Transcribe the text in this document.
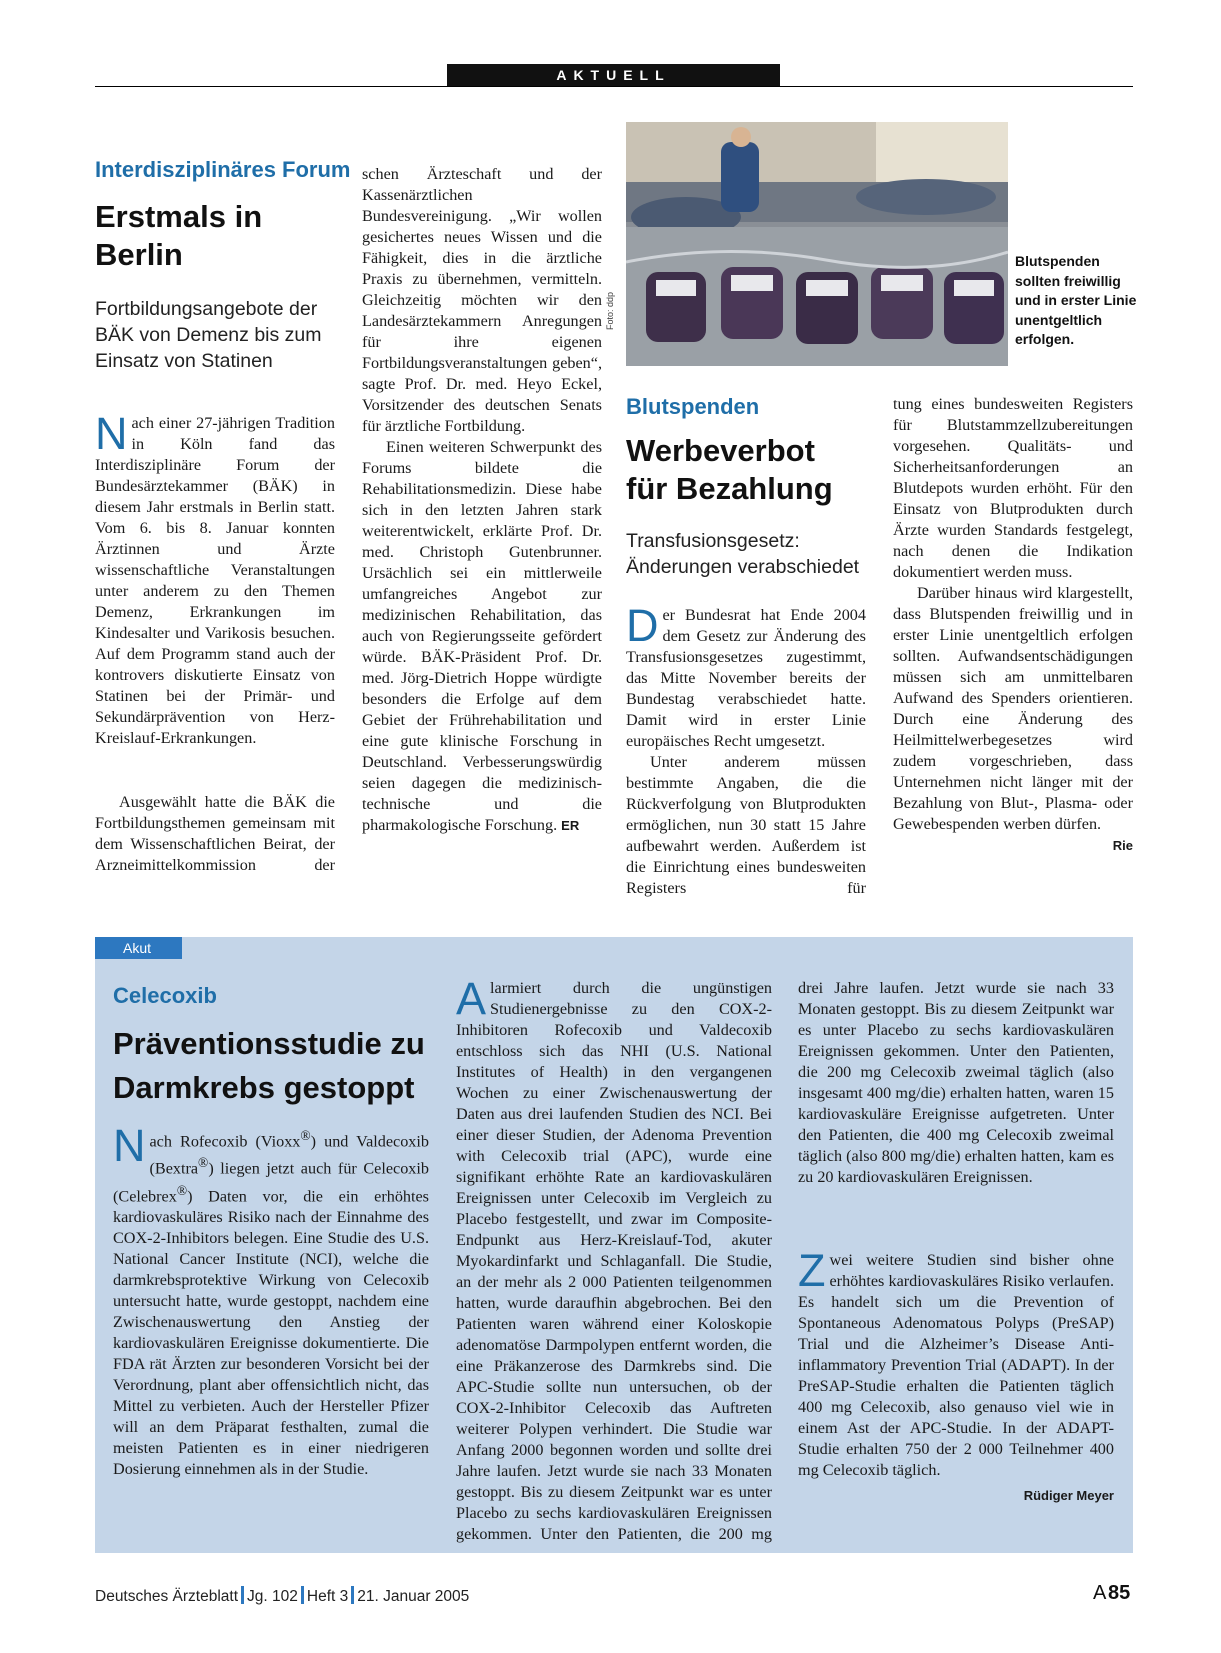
AKTUELL
Interdisziplinäres Forum
Erstmals in
Berlin
Fortbildungsangebote der BÄK von Demenz bis zum Einsatz von Statinen

Nach einer 27-jährigen Tradition in Köln fand das Interdisziplinäre Forum der Bundesärztekammer (BÄK) in diesem Jahr erstmals in Berlin statt. Vom 6. bis 8. Januar konnten Ärztinnen und Ärzte wissenschaftliche Veranstaltungen unter anderem zu den Themen Demenz, Erkrankungen im Kindesalter und Varikosis besuchen. Auf dem Programm stand auch der kontrovers diskutierte Einsatz von Statinen bei der Primär- und Sekundärprävention von Herz-Kreislauf-Erkrankungen.

Ausgewählt hatte die BÄK die Fortbildungsthemen gemeinsam mit dem Wissenschaftlichen Beirat, der Arzneimittelkommission der

schen Ärzteschaft und der Kassenärztlichen Bundesvereinigung. „Wir wollen gesichertes neues Wissen und die Fähigkeit, dies in die ärztliche Praxis zu übernehmen, vermitteln. Gleichzeitig möchten wir den Landesärztekammern Anregungen für ihre eigenen Fortbildungsveranstaltungen geben“, sagte Prof. Dr. med. Heyo Eckel, Vorsitzender des deutschen Senats für ärztliche Fortbildung.

Einen weiteren Schwerpunkt des Forums bildete die Rehabilitationsmedizin. Diese habe sich in den letzten Jahren stark weiterentwickelt, erklärte Prof. Dr. med. Christoph Gutenbrunner. Ursächlich sei ein mittlerweile umfangreiches Angebot zur medizinischen Rehabilitation, das auch von Regierungsseite gefördert würde. BÄK-Präsident Prof. Dr. med. Jörg-Dietrich Hoppe würdigte besonders die Erfolge auf dem Gebiet der Frührehabilitation und eine gute klinische Forschung in Deutschland. Verbesserungswürdig seien dagegen die medizinisch-technische und die pharmakologische Forschung. ER

Foto: ddp
Blutspenden sollten freiwillig und in erster Linie unentgeltlich erfolgen.
Blutspenden
Werbeverbot
für Bezahlung
Transfusionsgesetz: Änderungen verabschiedet

Der Bundesrat hat Ende 2004 dem Gesetz zur Änderung des Transfusionsgesetzes zugestimmt, das Mitte November bereits der Bundestag verabschiedet hatte. Damit wird in erster Linie europäisches Recht umgesetzt.

Unter anderem müssen bestimmte Angaben, die die Rückverfolgung von Blutprodukten ermöglichen, nun 30 statt 15 Jahre aufbewahrt werden. Außerdem ist die Einrichtung eines bundesweiten Registers für

tung eines bundesweiten Registers für Blutstammzellzubereitungen vorgesehen. Qualitäts- und Sicherheitsanforderungen an Blutdepots wurden erhöht. Für den Einsatz von Blutprodukten durch Ärzte wurden Standards festgelegt, nach denen die Indikation dokumentiert werden muss.

Darüber hinaus wird klargestellt, dass Blutspenden freiwillig und in erster Linie unentgeltlich erfolgen sollten. Aufwandsentschädigungen müssen sich am unmittelbaren Aufwand des Spenders orientieren. Durch eine Änderung des Heilmittelwerbegesetzes wird zudem vorgeschrieben, dass Unternehmen nicht länger mit der Bezahlung von Blut-, Plasma- oder Gewebespenden werben dürfen.
Rie

Akut
Celecoxib
Präventionsstudie zu
Darmkrebs gestoppt

Nach Rofecoxib (Vioxx®) und Valdecoxib (Bextra®) liegen jetzt auch für Celecoxib (Celebrex®) Daten vor, die ein erhöhtes kardiovaskuläres Risiko nach der Einnahme des COX-2-Inhibitors belegen. Eine Studie des U.S. National Cancer Institute (NCI), welche die darmkrebsprotektive Wirkung von Celecoxib untersucht hatte, wurde gestoppt, nachdem eine Zwischenauswertung den Anstieg der kardiovaskulären Ereignisse dokumentierte. Die FDA rät Ärzten zur besonderen Vorsicht bei der Verordnung, plant aber offensichtlich nicht, das Mittel zu verbieten. Auch der Hersteller Pfizer will an dem Präparat festhalten, zumal die meisten Patienten es in einer niedrigeren Dosierung einnehmen als in der Studie.

Alarmiert durch die ungünstigen Studienergebnisse zu den COX-2-Inhibitoren Rofecoxib und Valdecoxib entschloss sich das NHI (U.S. National Institutes of Health) in den vergangenen Wochen zu einer Zwischenauswertung der Daten aus drei laufenden Studien des NCI. Bei einer dieser Studien, der Adenoma Prevention with Celecoxib trial (APC), wurde eine signifikant erhöhte Rate an kardiovaskulären Ereignissen unter Celecoxib im Vergleich zu Placebo festgestellt, und zwar im Composite-Endpunkt aus Herz-Kreislauf-Tod, akuter Myokardinfarkt und Schlaganfall. Die Studie, an der mehr als 2 000 Patienten teilgenommen hatten, wurde daraufhin abgebrochen. Bei den Patienten waren während einer Koloskopie adenomatöse Darmpolypen entfernt worden, die eine Präkanzerose des Darmkrebs sind. Die APC-Studie sollte nun untersuchen, ob der COX-2-Inhibitor Celecoxib das Auftreten weiterer Polypen verhindert. Die Studie war Anfang 2000 begonnen worden und sollte drei Jahre laufen. Jetzt wurde sie nach 33 Monaten gestoppt. Bis zu diesem Zeitpunkt war es unter Placebo zu sechs kardiovaskulären Ereignissen gekommen. Unter den Patienten, die 200 mg

drei Jahre laufen. Jetzt wurde sie nach 33 Monaten gestoppt. Bis zu diesem Zeitpunkt war es unter Placebo zu sechs kardiovaskulären Ereignissen gekommen. Unter den Patienten, die 200 mg Celecoxib zweimal täglich (also insgesamt 400 mg/die) erhalten hatten, waren 15 kardiovaskuläre Ereignisse aufgetreten. Unter den Patienten, die 400 mg Celecoxib zweimal täglich (also 800 mg/die) erhalten hatten, kam es zu 20 kardiovaskulären Ereignissen.

Zwei weitere Studien sind bisher ohne erhöhtes kardiovaskuläres Risiko verlaufen. Es handelt sich um die Prevention of Spontaneous Adenomatous Polyps (PreSAP) Trial und die Alzheimer’s Disease Anti-inflammatory Prevention Trial (ADAPT). In der PreSAP-Studie erhalten die Patienten täglich 400 mg Celecoxib, also genauso viel wie in einem Ast der APC-Studie. In der ADAPT-Studie erhalten 750 der 2 000 Teilnehmer 400 mg Celecoxib täglich.

Rüdiger Meyer
Deutsches Ärzteblatt Jg. 102 Heft 3 21. Januar 2005	A 85
